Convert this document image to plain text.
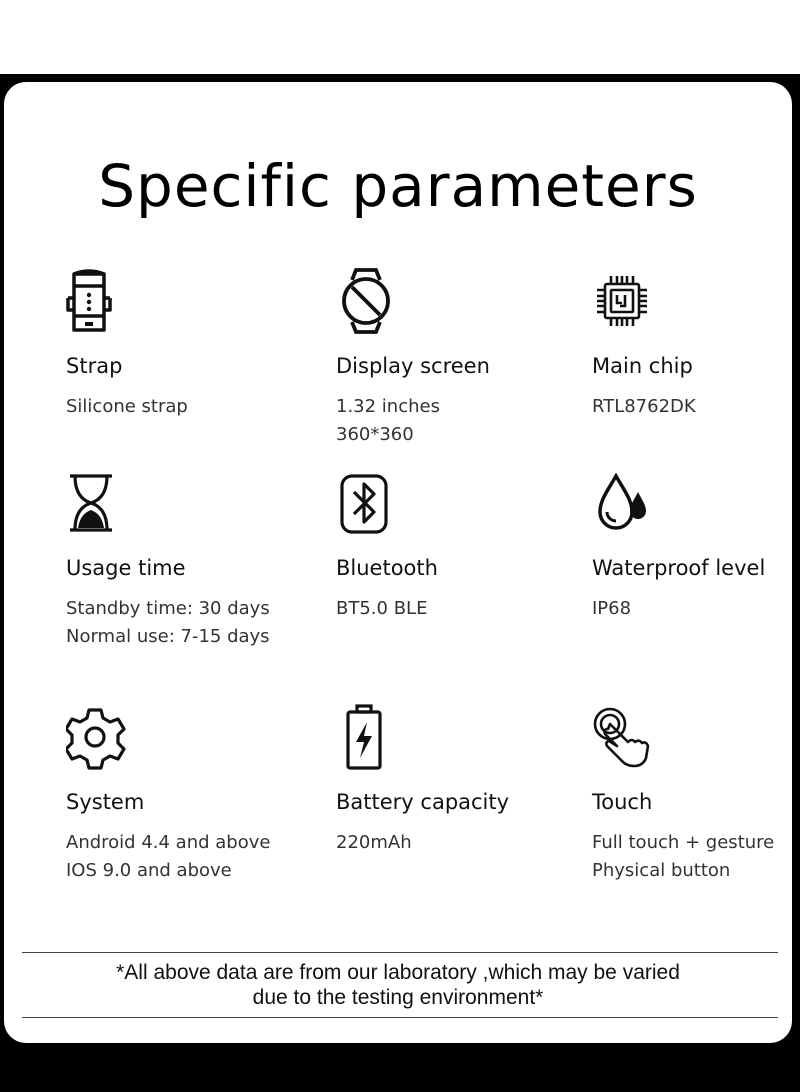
Specific parameters
Strap
Silicone strap
Display screen
1.32 inches
360*360
Main chip
RTL8762DK
Usage time
Standby time: 30 days
Normal use: 7-15 days
Bluetooth
BT5.0 BLE
Waterproof level
IP68
System
Android 4.4 and above
IOS 9.0 and above
Battery capacity
220mAh
Touch
Full touch + gesture
Physical button
*All above data are from our laboratory ,which may be varied
due to the testing environment*
